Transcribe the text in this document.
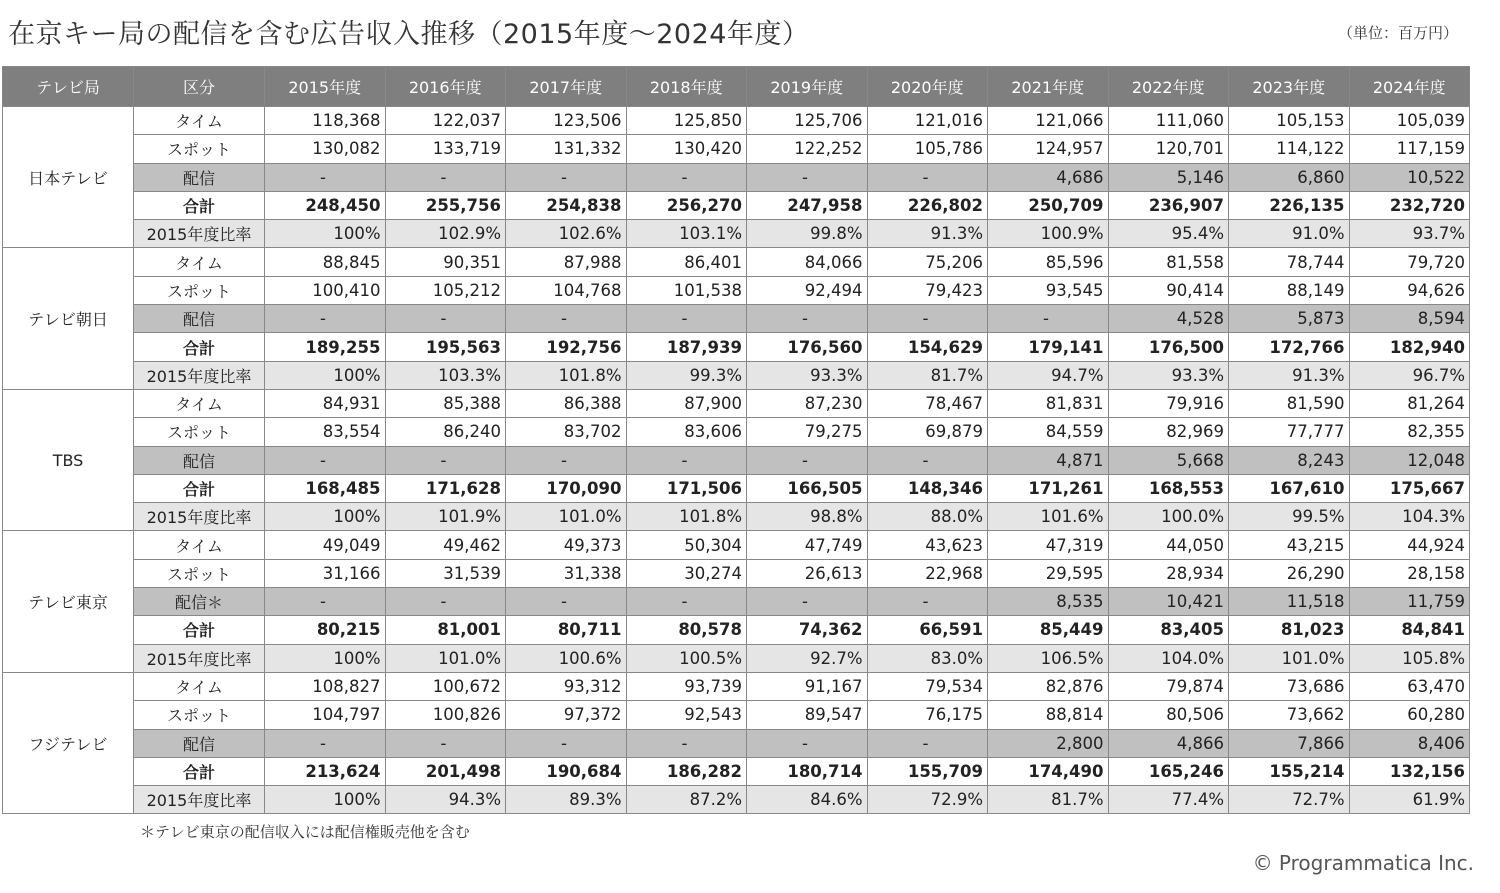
在京キー局の配信を含む広告収入推移（2015年度〜2024年度）	（単位：百万円）
テレビ局	区分	2015年度	2016年度	2017年度	2018年度	2019年度	2020年度	2021年度	2022年度	2023年度	2024年度
日本テレビ	タイム	118,368	122,037	123,506	125,850	125,706	121,016	121,066	111,060	105,153	105,039
	スポット	130,082	133,719	131,332	130,420	122,252	105,786	124,957	120,701	114,122	117,159
	配信	-	-	-	-	-	-	4,686	5,146	6,860	10,522
	合計	248,450	255,756	254,838	256,270	247,958	226,802	250,709	236,907	226,135	232,720
	2015年度比率	100%	102.9%	102.6%	103.1%	99.8%	91.3%	100.9%	95.4%	91.0%	93.7%
テレビ朝日	タイム	88,845	90,351	87,988	86,401	84,066	75,206	85,596	81,558	78,744	79,720
	スポット	100,410	105,212	104,768	101,538	92,494	79,423	93,545	90,414	88,149	94,626
	配信	-	-	-	-	-	-	-	4,528	5,873	8,594
	合計	189,255	195,563	192,756	187,939	176,560	154,629	179,141	176,500	172,766	182,940
	2015年度比率	100%	103.3%	101.8%	99.3%	93.3%	81.7%	94.7%	93.3%	91.3%	96.7%
TBS	タイム	84,931	85,388	86,388	87,900	87,230	78,467	81,831	79,916	81,590	81,264
	スポット	83,554	86,240	83,702	83,606	79,275	69,879	84,559	82,969	77,777	82,355
	配信	-	-	-	-	-	-	4,871	5,668	8,243	12,048
	合計	168,485	171,628	170,090	171,506	166,505	148,346	171,261	168,553	167,610	175,667
	2015年度比率	100%	101.9%	101.0%	101.8%	98.8%	88.0%	101.6%	100.0%	99.5%	104.3%
テレビ東京	タイム	49,049	49,462	49,373	50,304	47,749	43,623	47,319	44,050	43,215	44,924
	スポット	31,166	31,539	31,338	30,274	26,613	22,968	29,595	28,934	26,290	28,158
	配信＊	-	-	-	-	-	-	8,535	10,421	11,518	11,759
	合計	80,215	81,001	80,711	80,578	74,362	66,591	85,449	83,405	81,023	84,841
	2015年度比率	100%	101.0%	100.6%	100.5%	92.7%	83.0%	106.5%	104.0%	101.0%	105.8%
フジテレビ	タイム	108,827	100,672	93,312	93,739	91,167	79,534	82,876	79,874	73,686	63,470
	スポット	104,797	100,826	97,372	92,543	89,547	76,175	88,814	80,506	73,662	60,280
	配信	-	-	-	-	-	-	2,800	4,866	7,866	8,406
	合計	213,624	201,498	190,684	186,282	180,714	155,709	174,490	165,246	155,214	132,156
	2015年度比率	100%	94.3%	89.3%	87.2%	84.6%	72.9%	81.7%	77.4%	72.7%	61.9%
＊テレビ東京の配信収入には配信権販売他を含む
© Programmatica Inc.
